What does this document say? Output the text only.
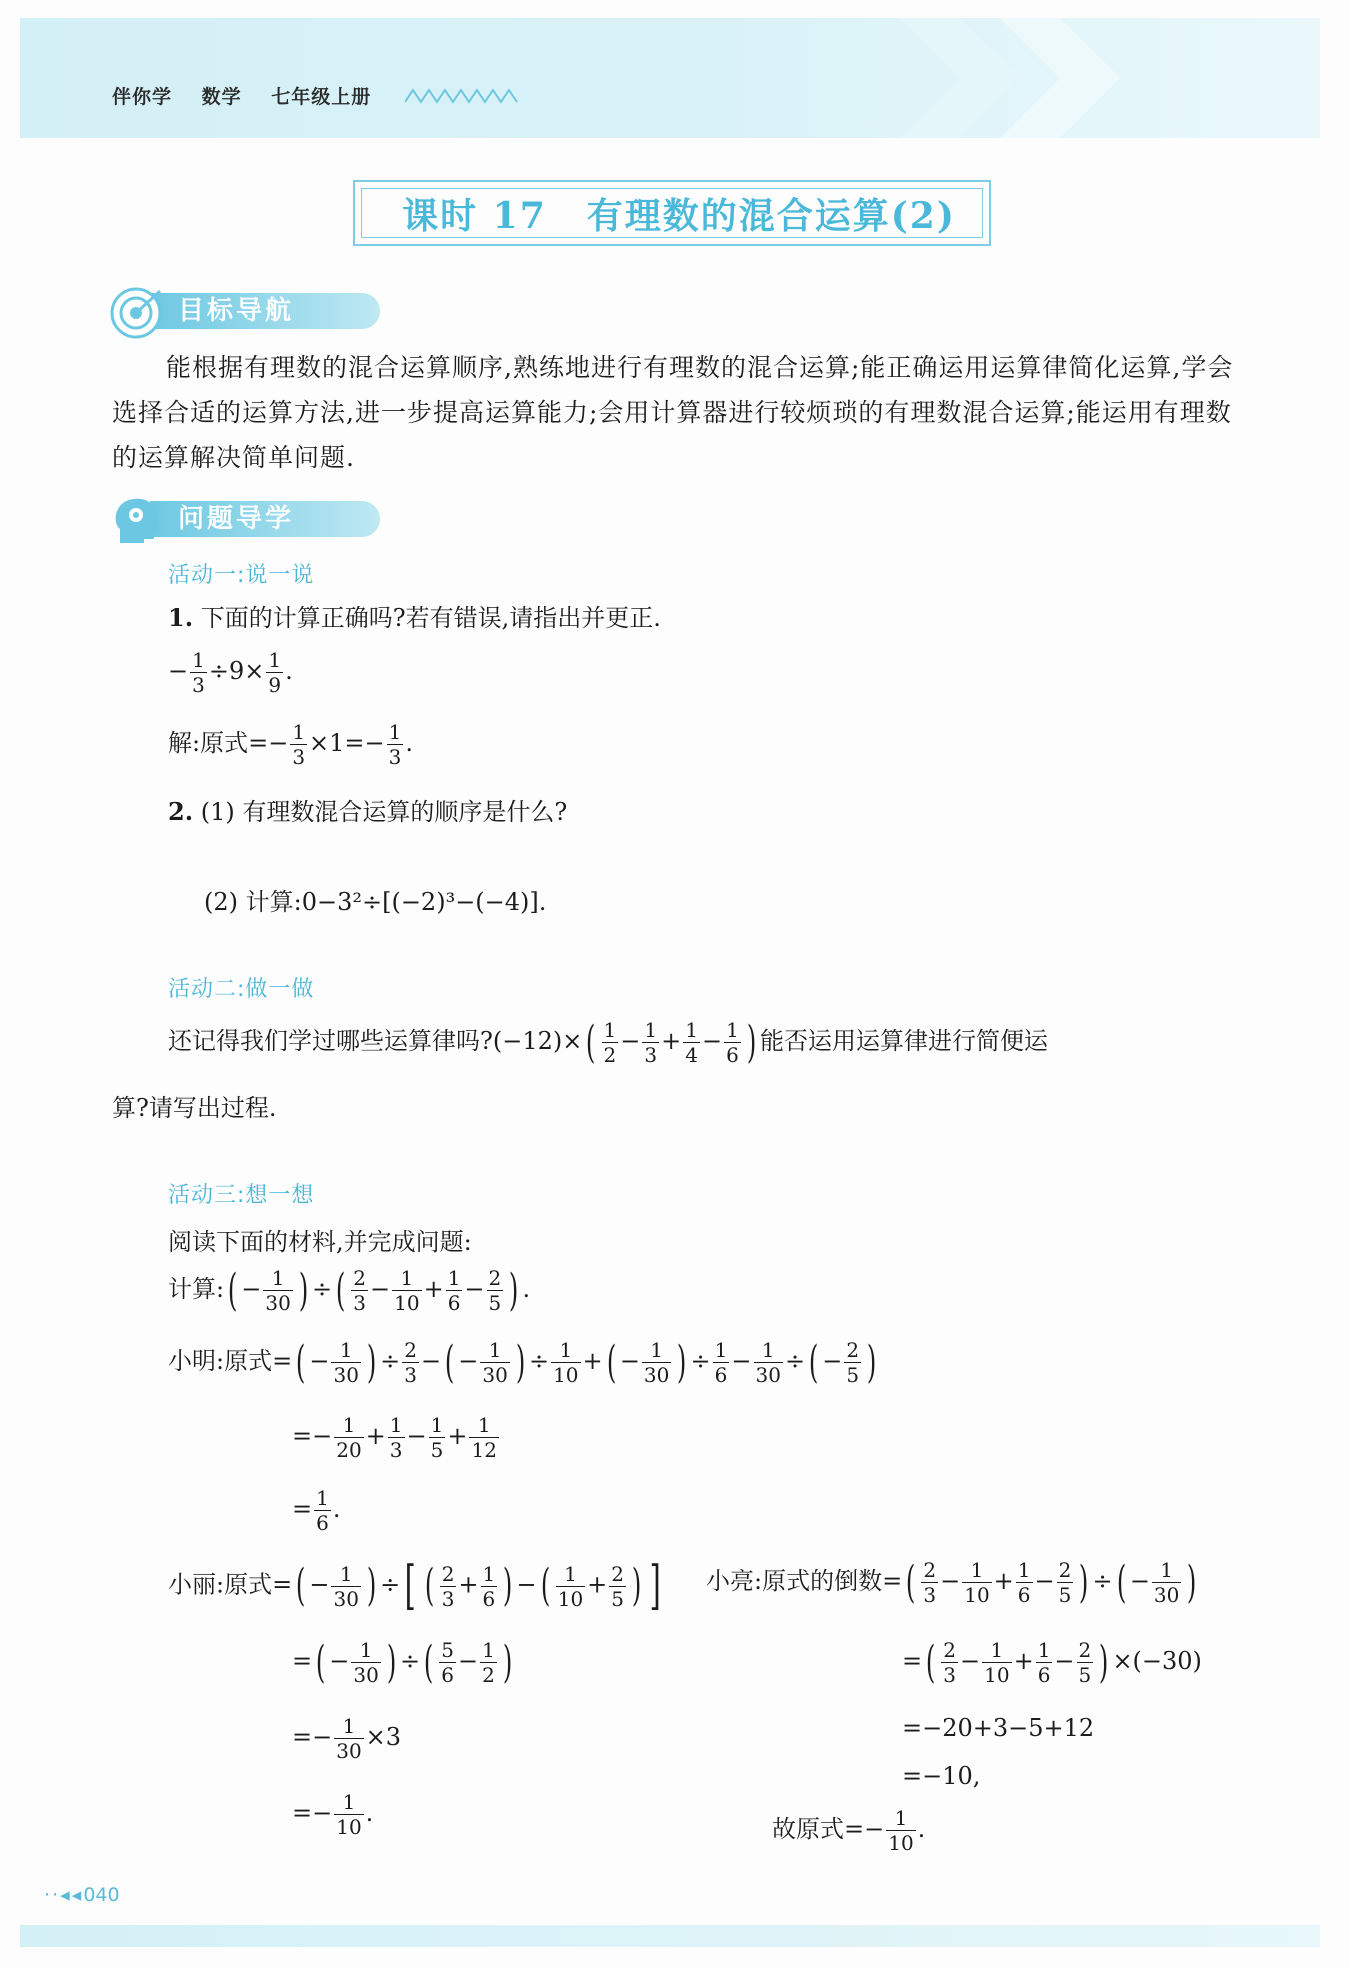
伴你学 数学 七年级上册
课时 17 有理数的混合运算(2)
目标导航
能根据有理数的混合运算顺序,熟练地进行有理数的混合运算;能正确运用运算律简化运算,学会选择合适的运算方法,进一步提高运算能力;会用计算器进行较烦琐的有理数混合运算;能运用有理数的运算解决简单问题.
问题导学
活动一:说一说
1. 下面的计算正确吗?若有错误,请指出并更正.
− $\frac{1}{3} \div 9\times \frac{1}{9}$ .
解:原式=− $\frac{1}{3} \times 1=- \frac{1}{3}$ .
2. (1) 有理数混合运算的顺序是什么?
(2) 计算:0−3²÷[(−2)³−(−4)].
活动二:做一做
还记得我们学过哪些运算律吗?(−12)×( $\frac{1}{2} - \frac{1}{3} + \frac{1}{4} - \frac{1}{6}$ ) 能否运用运算律进行简便运
算?请写出过程.
活动三:想一想
阅读下面的材料,并完成问题:
计算:( − $\frac{1}{30}$ ) ÷( $\frac{2}{3} - \frac{1}{10} + \frac{1}{6} - \frac{2}{5}$ ) .
小明:原式=( − $\frac{1}{30}$ ) ÷ $\frac{2}{3}$ −( − $\frac{1}{30}$ ) ÷ $\frac{1}{10}$ +( − $\frac{1}{30}$ ) ÷ $\frac{1}{6} - \frac{1}{30}$ ÷( − $\frac{2}{5}$ )
=− $\frac{1}{20} + \frac{1}{3} - \frac{1}{5} + \frac{1}{12}$
= $\frac{1}{6}$ .
小丽:原式=( − $\frac{1}{30}$ ) ÷[ ( $\frac{2}{3} + \frac{1}{6}$ ) −( $\frac{1}{10} + \frac{2}{5}$ ) ]
=( − $\frac{1}{30}$ ) ÷( $\frac{5}{6} - \frac{1}{2}$ )
=− $\frac{1}{30} \times 3$
=− $\frac{1}{10}$ .
小亮:原式的倒数=( $\frac{2}{3} - \frac{1}{10} + \frac{1}{6} - \frac{2}{5}$ ) ÷( − $\frac{1}{30}$ )
=( $\frac{2}{3} - \frac{1}{10} + \frac{1}{6} - \frac{2}{5}$ ) ×(−30)
=−20+3−5+12
=−10,
故原式=− $\frac{1}{10}$ .
· · ◂ ◂ 040
